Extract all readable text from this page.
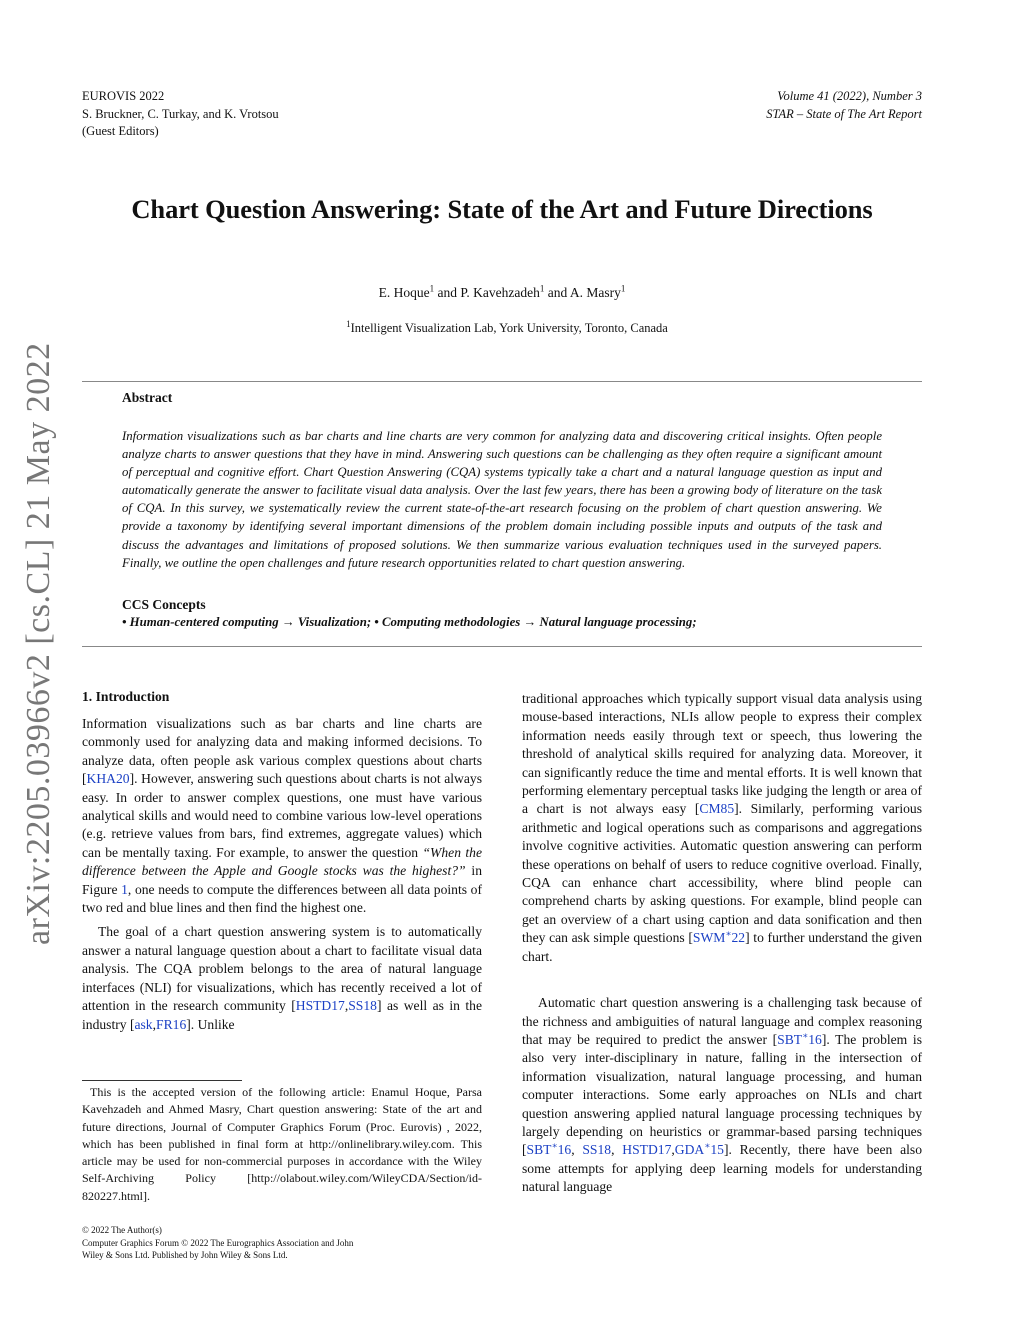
EUROVIS 2022
S. Bruckner, C. Turkay, and K. Vrotsou
(Guest Editors)
Volume 41 (2022), Number 3
STAR – State of The Art Report
arXiv:2205.03966v2 [cs.CL] 21 May 2022
Chart Question Answering: State of the Art and Future Directions
E. Hoque$^1$ and P. Kavehzadeh$^1$ and A. Masry$^1$
$^1$Intelligent Visualization Lab, York University, Toronto, Canada
Abstract
Information visualizations such as bar charts and line charts are very common for analyzing data and discovering critical insights. Often people analyze charts to answer questions that they have in mind. Answering such questions can be challenging as they often require a significant amount of perceptual and cognitive effort. Chart Question Answering (CQA) systems typically take a chart and a natural language question as input and automatically generate the answer to facilitate visual data analysis. Over the last few years, there has been a growing body of literature on the task of CQA. In this survey, we systematically review the current state-of-the-art research focusing on the problem of chart question answering. We provide a taxonomy by identifying several important dimensions of the problem domain including possible inputs and outputs of the task and discuss the advantages and limitations of proposed solutions. We then summarize various evaluation techniques used in the surveyed papers. Finally, we outline the open challenges and future research opportunities related to chart question answering.
CCS Concepts
• Human-centered computing → Visualization; • Computing methodologies → Natural language processing;
1. Introduction

Information visualizations such as bar charts and line charts are commonly used for analyzing data and making informed decisions. To analyze data, often people ask various complex questions about charts [KHA20]. However, answering such questions about charts is not always easy. In order to answer complex questions, one must have various analytical skills and would need to combine various low-level operations (e.g. retrieve values from bars, find extremes, aggregate values) which can be mentally taxing. For example, to answer the question “When the difference between the Apple and Google stocks was the highest?” in Figure 1, one needs to compute the differences between all data points of two red and blue lines and then find the highest one.

The goal of a chart question answering system is to automatically answer a natural language question about a chart to facilitate visual data analysis. The CQA problem belongs to the area of natural language interfaces (NLI) for visualizations, which has recently received a lot of attention in the research community [HSTD17,SS18] as well as in the industry [ask,FR16]. Unlike

This is the accepted version of the following article: Enamul Hoque, Parsa Kavehzadeh and Ahmed Masry, Chart question answering: State of the art and future directions, Journal of Computer Graphics Forum (Proc. Eurovis) , 2022, which has been published in final form at http://onlinelibrary.wiley.com. This article may be used for non-commercial purposes in accordance with the Wiley Self-Archiving Policy [http://olabout.wiley.com/WileyCDA/Section/id-820227.html].
© 2022 The Author(s)
Computer Graphics Forum © 2022 The Eurographics Association and John
Wiley & Sons Ltd. Published by John Wiley & Sons Ltd.

traditional approaches which typically support visual data analysis using mouse-based interactions, NLIs allow people to express their complex information needs easily through text or speech, thus lowering the threshold of analytical skills required for analyzing data. Moreover, it can significantly reduce the time and mental efforts. It is well known that performing elementary perceptual tasks like judging the length or area of a chart is not always easy [CM85]. Similarly, performing various arithmetic and logical operations such as comparisons and aggregations involve cognitive activities. Automatic question answering can perform these operations on behalf of users to reduce cognitive overload. Finally, CQA can enhance chart accessibility, where blind people can comprehend charts by asking questions. For example, blind people can get an overview of a chart using caption and data sonification and then they can ask simple questions [SWM∗22] to further understand the given chart.

Automatic chart question answering is a challenging task because of the richness and ambiguities of natural language and complex reasoning that may be required to predict the answer [SBT∗16]. The problem is also very inter-disciplinary in nature, falling in the intersection of information visualization, natural language processing, and human computer interactions. Some early approaches on NLIs and chart question answering applied natural language processing techniques by largely depending on heuristics or grammar-based parsing techniques [SBT∗16, SS18, HSTD17,GDA∗15]. Recently, there have been also some attempts for applying deep learning models for understanding natural language
